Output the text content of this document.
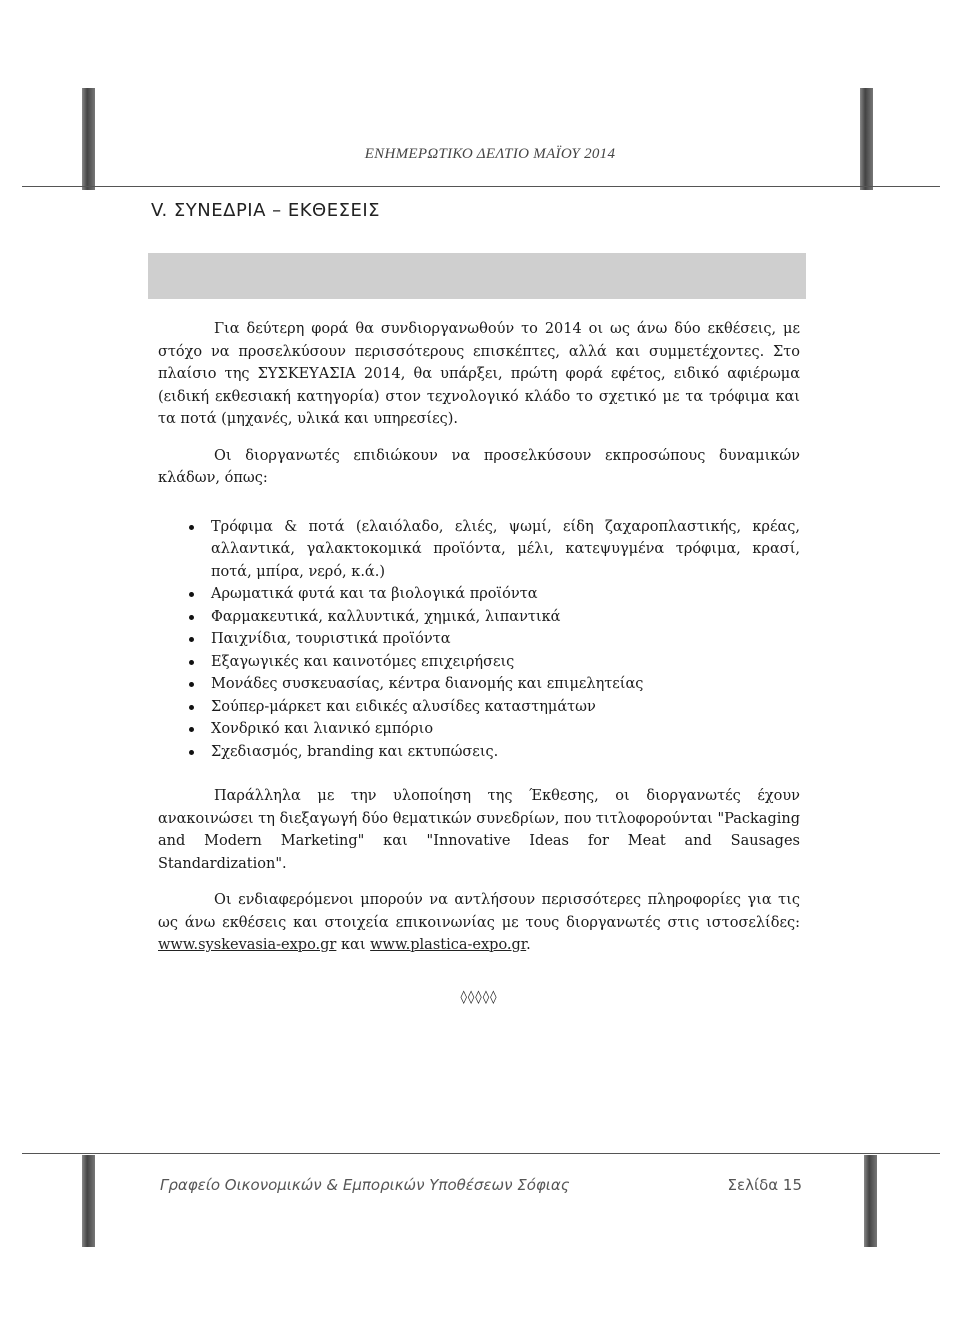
ΕΝΗΜΕΡΩΤΙΚΟ ΔΕΛΤΙΟ ΜΑΪΟΥ 2014
V. ΣΥΝΕΔΡΙΑ – ΕΚΘΕΣΕΙΣ

Για δεύτερη φορά θα συνδιοργανωθούν το 2014 οι ως άνω δύο εκθέσεις, με στόχο να προσελκύσουν περισσότερους επισκέπτες, αλλά και συμμετέχοντες. Στο πλαίσιο της ΣΥΣΚΕΥΑΣΙΑ 2014, θα υπάρξει, πρώτη φορά εφέτος, ειδικό αφιέρωμα (ειδική εκθεσιακή κατηγορία) στον τεχνολογικό κλάδο το σχετικό με τα τρόφιμα και τα ποτά (μηχανές, υλικά και υπηρεσίες).

Οι διοργανωτές επιδιώκουν να προσελκύσουν εκπροσώπους δυναμικών κλάδων, όπως:

Τρόφιμα & ποτά (ελαιόλαδο, ελιές, ψωμί, είδη ζαχαροπλαστικής, κρέας, αλλαντικά, γαλακτοκομικά προϊόντα, μέλι, κατεψυγμένα τρόφιμα, κρασί, ποτά, μπίρα, νερό, κ.ά.)
Αρωματικά φυτά και τα βιολογικά προϊόντα
Φαρμακευτικά, καλλυντικά, χημικά, λιπαντικά
Παιχνίδια, τουριστικά προϊόντα
Εξαγωγικές και καινοτόμες επιχειρήσεις
Μονάδες συσκευασίας, κέντρα διανομής και επιμελητείας
Σούπερ-μάρκετ και ειδικές αλυσίδες καταστημάτων
Χονδρικό και λιανικό εμπόριο
Σχεδιασμός, branding και εκτυπώσεις.

Παράλληλα με την υλοποίηση της Έκθεσης, οι διοργανωτές έχουν ανακοινώσει τη διεξαγωγή δύο θεματικών συνεδρίων, που τιτλοφορούνται "Packaging and Modern Marketing" και "Innovative Ideas for Meat and Sausages Standardization".

Οι ενδιαφερόμενοι μπορούν να αντλήσουν περισσότερες πληροφορίες για τις ως άνω εκθέσεις και στοιχεία επικοινωνίας με τους διοργανωτές στις ιστοσελίδες: www.syskevasia-expo.gr και www.plastica-expo.gr.

◊◊◊◊◊
Γραφείο Οικονομικών & Εμπορικών Υποθέσεων Σόφιας	Σελίδα 15
